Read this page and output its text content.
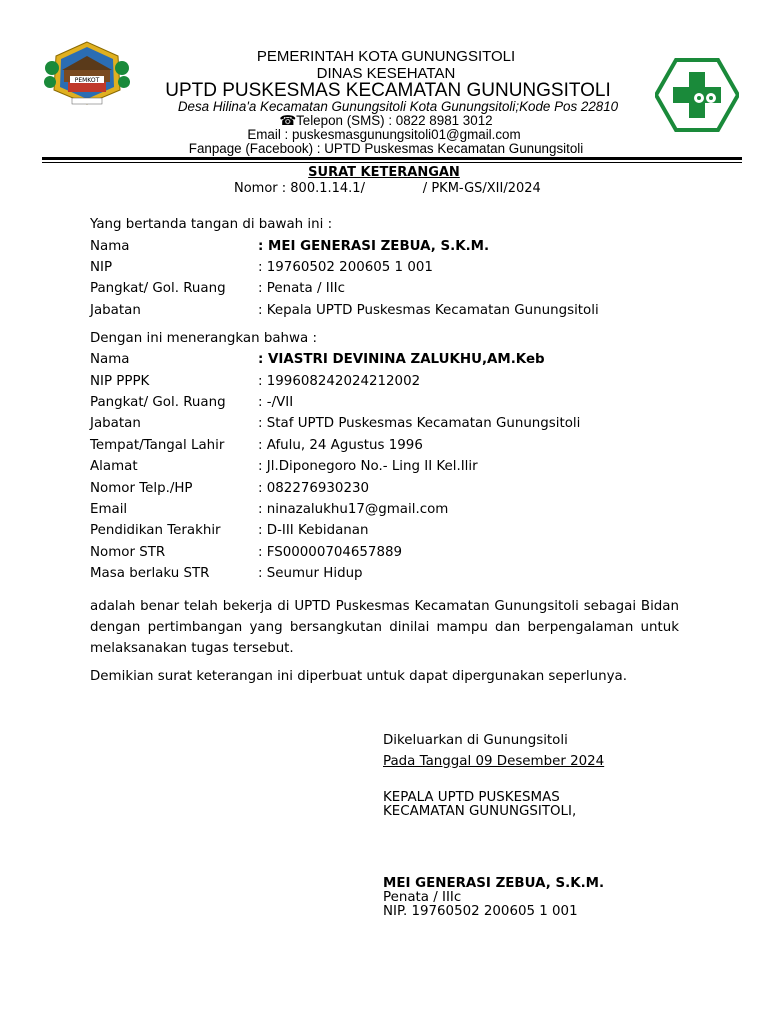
PEMKOT
PEMERINTAH KOTA GUNUNGSITOLI
DINAS KESEHATAN
UPTD PUSKESMAS KECAMATAN GUNUNGSITOLI
Desa Hilina'a Kecamatan Gunungsitoli Kota Gunungsitoli;Kode Pos 22810
☎Telepon (SMS) : 0822 8981 3012
Email : puskesmasgunungsitoli01@gmail.com
Fanpage (Facebook) : UPTD Puskesmas Kecamatan Gunungsitoli
SURAT KETERANGAN
Nomor : 800.1.14.1/              / PKM-GS/XII/2024
Yang bertanda tangan di bawah ini :
Nama	: MEI GENERASI ZEBUA, S.K.M.
NIP	: 19760502 200605 1 001
Pangkat/ Gol. Ruang : Penata / IIIc
Jabatan	: Kepala UPTD Puskesmas Kecamatan Gunungsitoli
Dengan ini menerangkan bahwa :
Nama	: VIASTRI DEVININA ZALUKHU,AM.Keb
NIP PPPK	: 199608242024212002
Pangkat/ Gol. Ruang : -/VII
Jabatan	: Staf UPTD Puskesmas Kecamatan Gunungsitoli
Tempat/Tangal Lahir	: Afulu, 24 Agustus 1996
Alamat	: Jl.Diponegoro No.- Ling II Kel.Ilir
Nomor Telp./HP	: 082276930230
Email	: ninazalukhu17@gmail.com
Pendidikan Terakhir	: D-III Kebidanan
Nomor STR	: FS00000704657889
Masa berlaku STR	: Seumur Hidup
adalah benar telah bekerja di UPTD Puskesmas Kecamatan Gunungsitoli sebagai Bidan dengan pertimbangan yang bersangkutan dinilai mampu dan berpengalaman untuk melaksanakan tugas tersebut.
Demikian surat keterangan ini diperbuat untuk dapat dipergunakan seperlunya.
Dikeluarkan di Gunungsitoli
Pada Tanggal 09 Desember 2024
KEPALA UPTD PUSKESMAS
KECAMATAN GUNUNGSITOLI,
MEI GENERASI ZEBUA, S.K.M.
Penata / IIIc
NIP. 19760502 200605 1 001
